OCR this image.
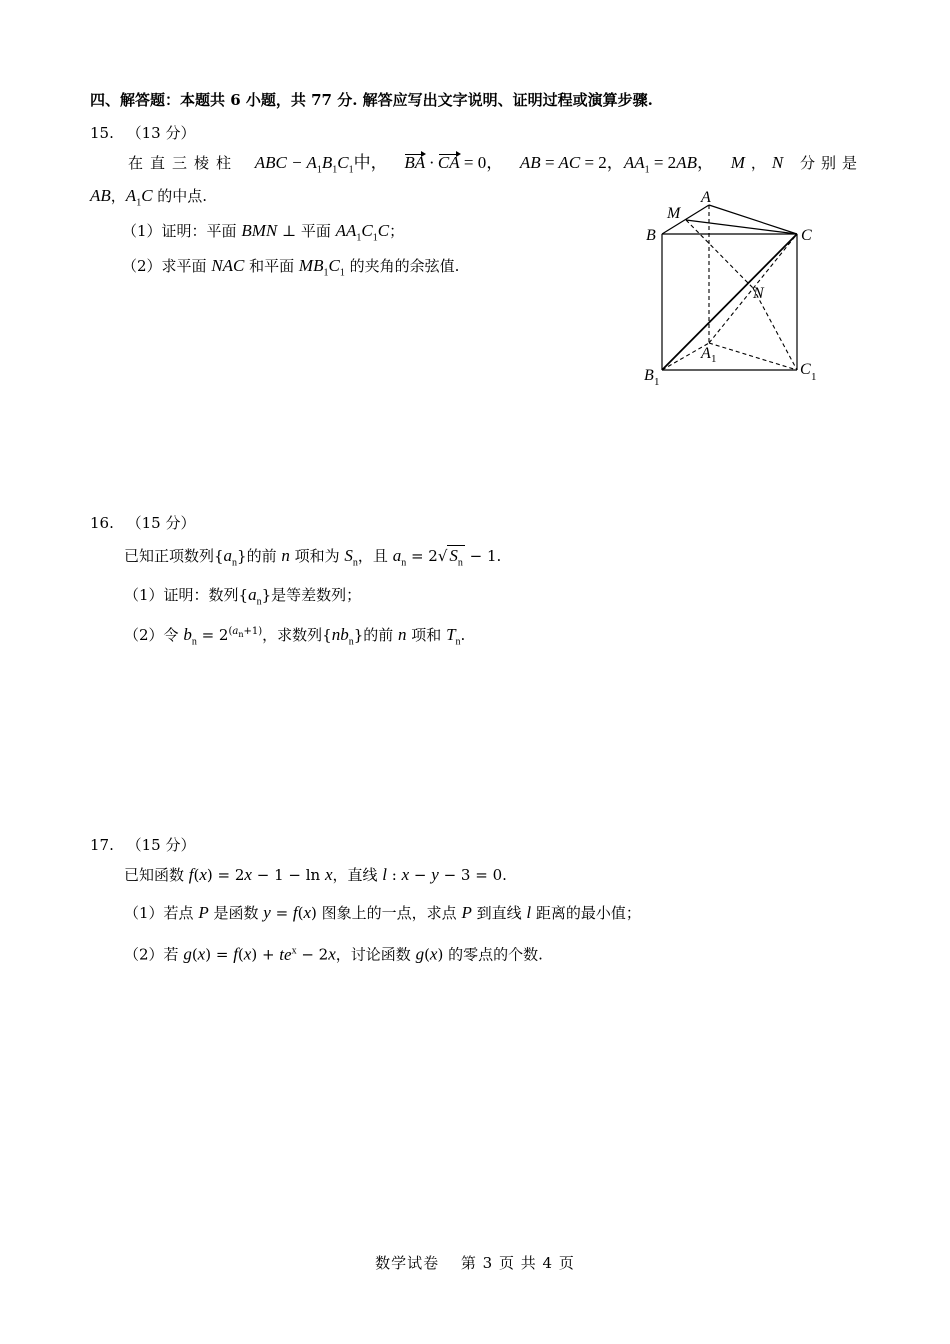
四、解答题：本题共 6 小题，共 77 分. 解答应写出文字说明、证明过程或演算步骤.
15. （13 分）
在直三棱柱 ABC − $A_1B_1C_1$中， BA · CA = 0， AB = AC = 2，$AA_1 = 2AB$， M，N 分别是
AB，$A_1C$ 的中点.
（1）证明：平面 BMN ⊥ 平面 $AA_1C_1C$；
（2）求平面 NAC 和平面 $MB_1C_1$ 的夹角的余弦值.
A
M
B	C
N
A 1
B 1
C 1
16. （15 分）
已知正项数列$\{a_n\}$的前 n 项和为 $S_n$，且 $a_n = 2√$ $S_n - 1$.
（1）证明：数列$\{a_n\}$是等差数列；
（2）令 $b_n = 2^{(a_n+1)}$，求数列$\{nb_n\}$的前 n 项和 $T_n$.
17. （15 分）
已知函数 f(x) = 2x − 1 − ln x，直线 l : x − y − 3 = 0.
（1）若点 P 是函数 y = f(x) 图象上的一点，求点 P 到直线 l 距离的最小值；
（2）若 $g(x) = f(x) + te^x - 2x$，讨论函数 g(x) 的零点的个数.
数学试卷　 第 3 页 共 4 页
